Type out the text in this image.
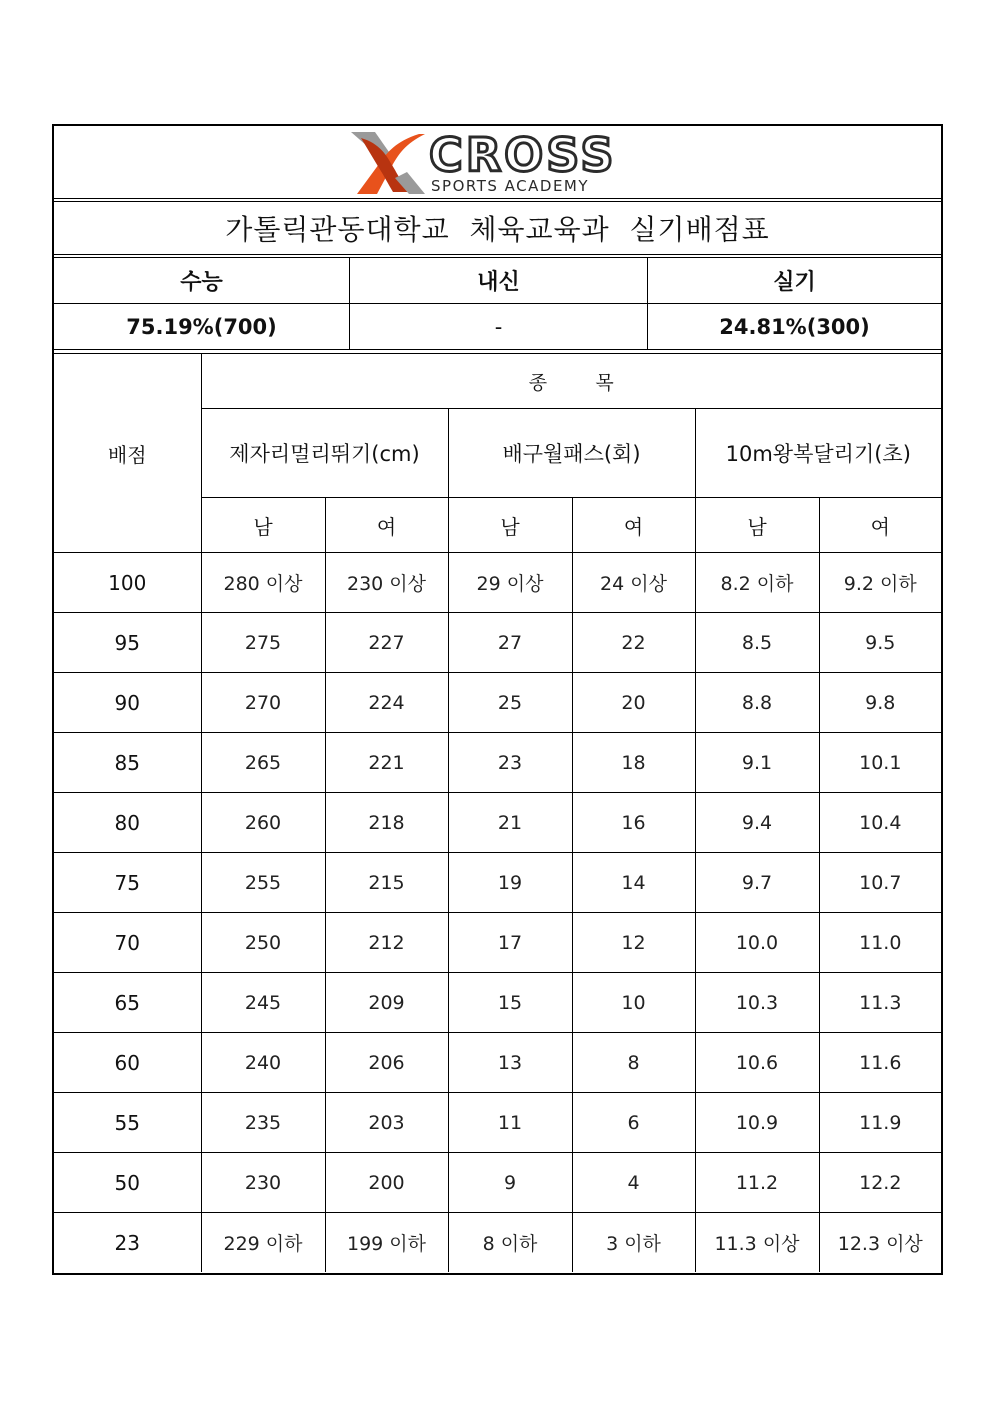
CROSS
SPORTS ACADEMY
가톨릭관동대학교  체육교육과  실기배점표
수능	내신	실기
75.19%(700)	-	24.81%(300)
배점	종        목					
	제자리멀리뛰기(cm)		배구월패스(회)		10m왕복달리기(초)	
	남	여	남	여	남	여
100	280 이상	230 이상	29 이상	24 이상	8.2 이하	9.2 이하
95	275	227	27	22	8.5	9.5
90	270	224	25	20	8.8	9.8
85	265	221	23	18	9.1	10.1
80	260	218	21	16	9.4	10.4
75	255	215	19	14	9.7	10.7
70	250	212	17	12	10.0	11.0
65	245	209	15	10	10.3	11.3
60	240	206	13	8	10.6	11.6
55	235	203	11	6	10.9	11.9
50	230	200	9	4	11.2	12.2
23	229 이하	199 이하	8 이하	3 이하	11.3 이상	12.3 이상
